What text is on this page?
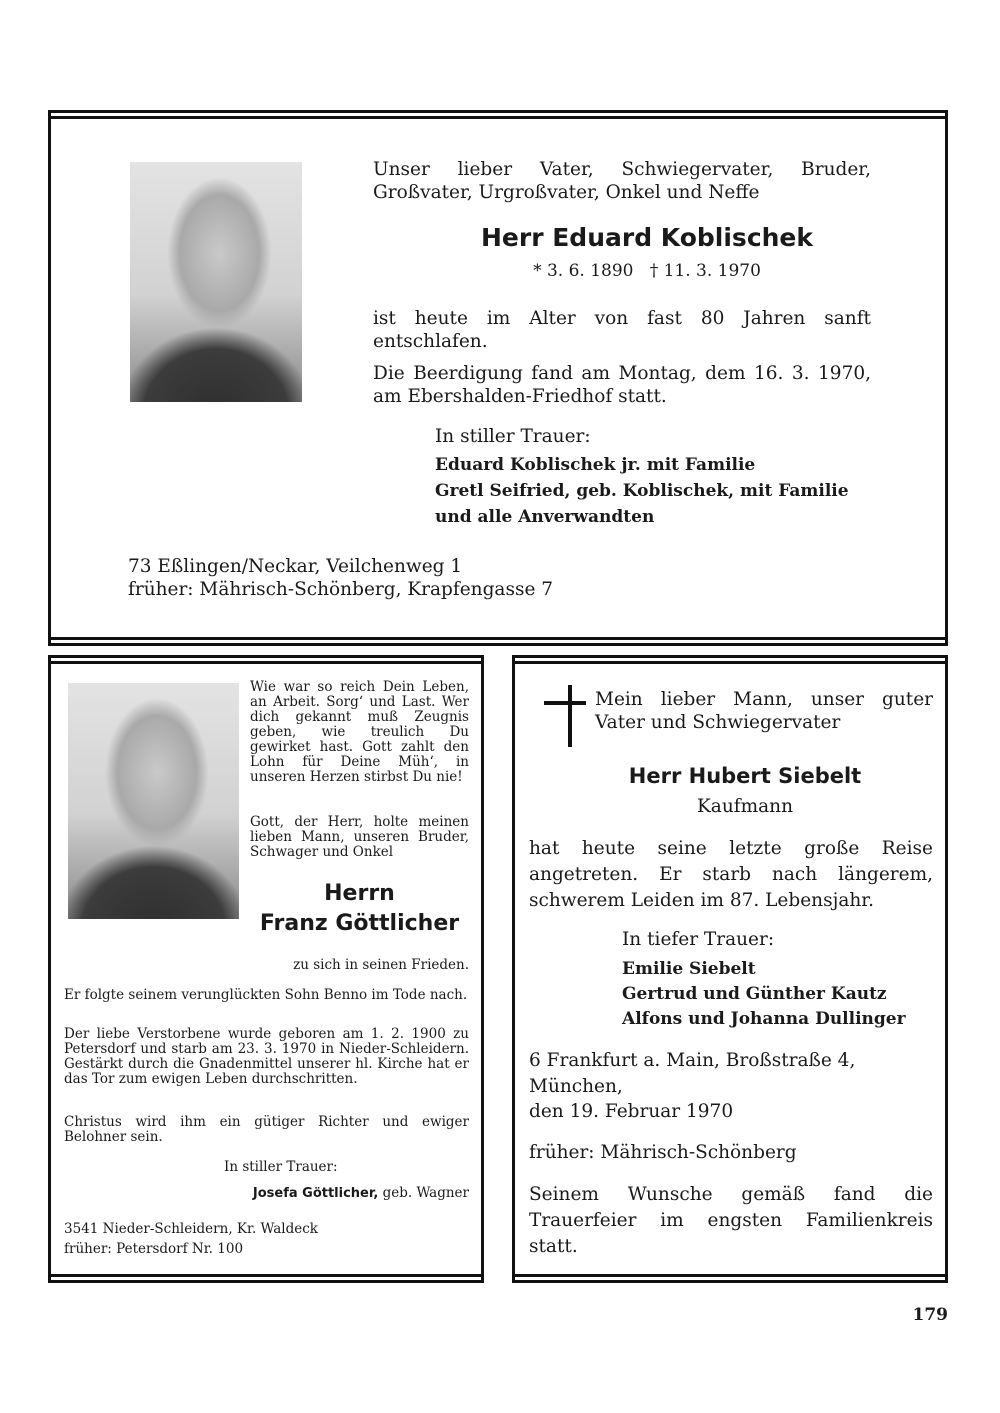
Unser lieber Vater, Schwiegervater, Bruder, Großvater, Urgroßvater, Onkel und Neffe

Herr Eduard Koblischek

* 3. 6. 1890   † 11. 3. 1970

ist heute im Alter von fast 80 Jahren sanft entschlafen.

Die Beerdigung fand am Montag, dem 16. 3. 1970, am Ebershalden-Friedhof statt.

In stiller Trauer:

Eduard Koblischek jr. mit Familie

Gretl Seifried, geb. Koblischek, mit Familie

und alle Anverwandten

73 Eßlingen/Neckar, Veilchenweg 1

früher: Mährisch-Schönberg, Krapfengasse 7

Wie war so reich Dein Leben, an Arbeit. Sorg‘ und Last. Wer dich gekannt muß Zeugnis geben, wie treulich Du gewirket hast. Gott zahlt den Lohn für Deine Müh‘, in unseren Herzen stirbst Du nie!

Gott, der Herr, holte meinen lieben Mann, unseren Bruder, Schwager und Onkel

Herrn

Franz Göttlicher

zu sich in seinen Frieden.

Er folgte seinem verunglückten Sohn Benno im Tode nach.

Der liebe Verstorbene wurde geboren am 1. 2. 1900 zu Petersdorf und starb am 23. 3. 1970 in Nieder-Schleidern. Gestärkt durch die Gnadenmittel unserer hl. Kirche hat er das Tor zum ewigen Leben durchschritten.

Christus wird ihm ein gütiger Richter und ewiger Belohner sein.

In stiller Trauer:

Josefa Göttlicher, geb. Wagner

3541 Nieder-Schleidern, Kr. Waldeck

früher: Petersdorf Nr. 100

Mein lieber Mann, unser guter Vater und Schwiegervater

Herr Hubert Siebelt

Kaufmann

hat heute seine letzte große Reise angetreten. Er starb nach längerem, schwerem Leiden im 87. Lebensjahr.

In tiefer Trauer:

Emilie Siebelt

Gertrud und Günther Kautz

Alfons und Johanna Dullinger

6 Frankfurt a. Main, Broßstraße 4,

München,

den 19. Februar 1970

früher: Mährisch-Schönberg

Seinem Wunsche gemäß fand die Trauerfeier im engsten Familienkreis statt.

179
